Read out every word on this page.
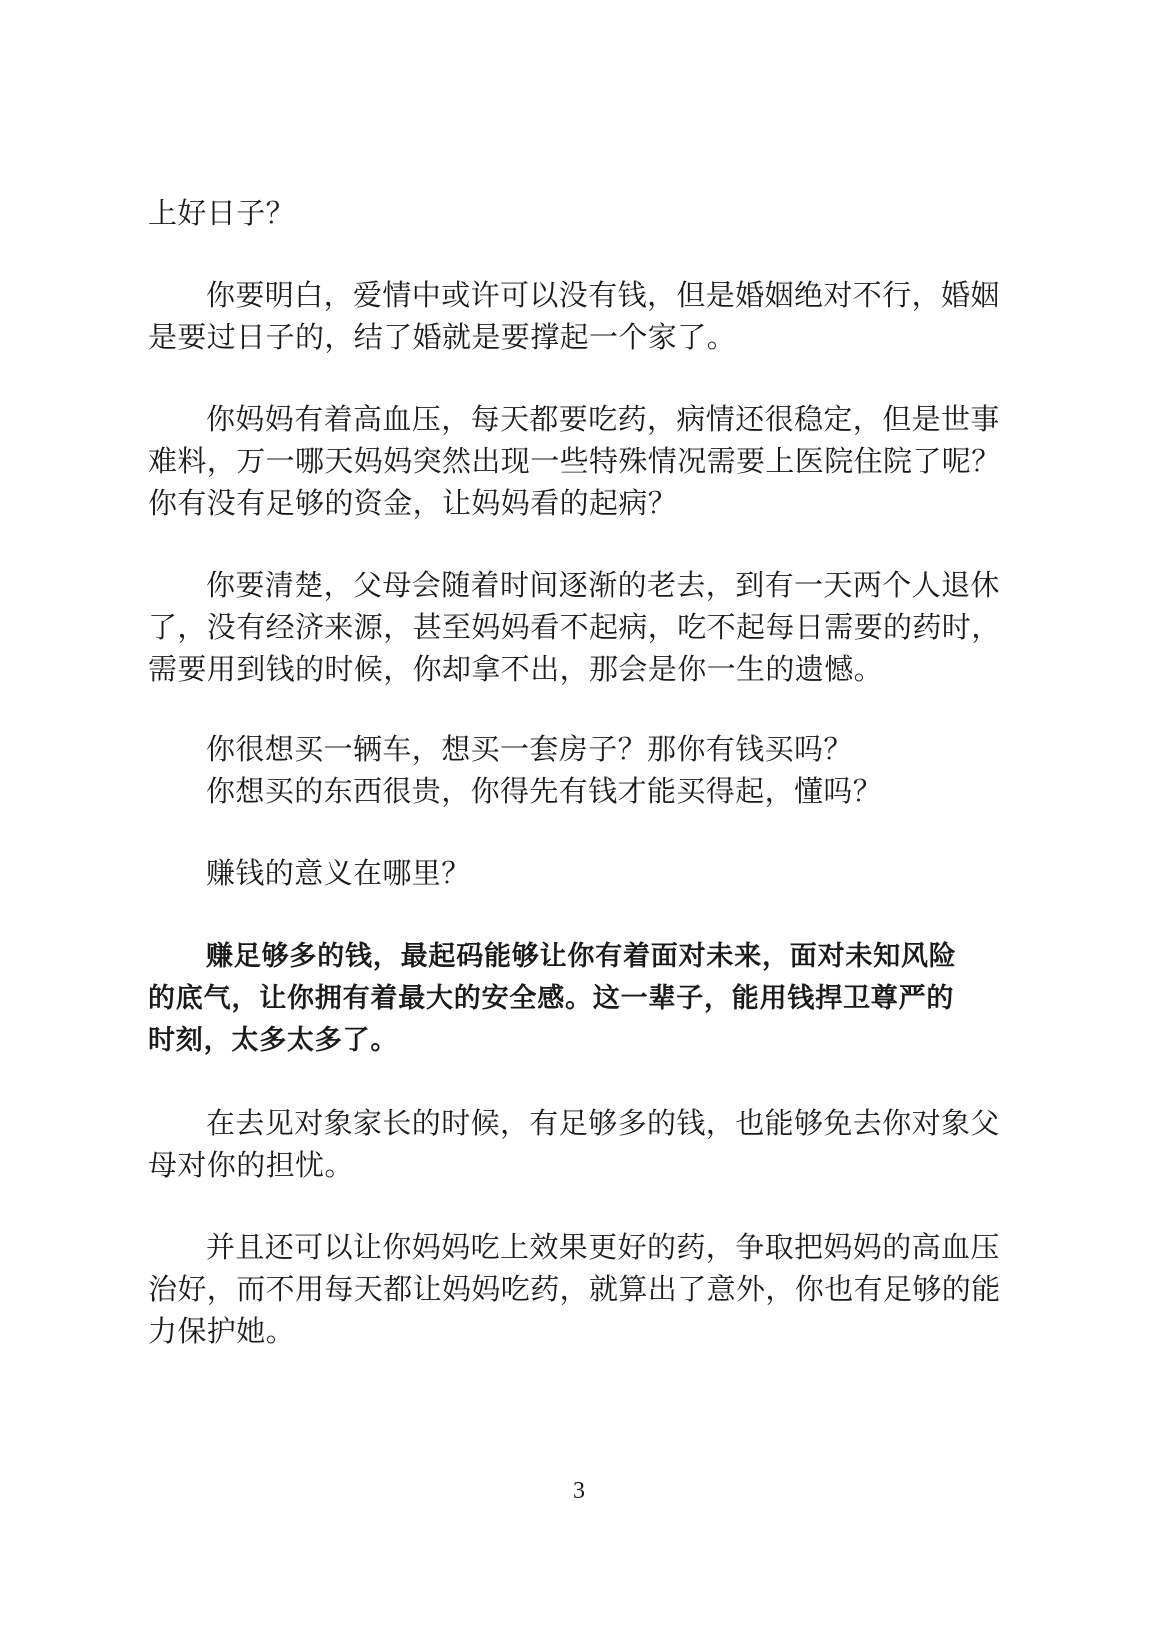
上好日子？
你要明白，爱情中或许可以没有钱，但是婚姻绝对不行，婚姻
是要过日子的，结了婚就是要撑起一个家了。
你妈妈有着高血压，每天都要吃药，病情还很稳定，但是世事
难料，万一哪天妈妈突然出现一些特殊情况需要上医院住院了呢？
你有没有足够的资金，让妈妈看的起病？
你要清楚，父母会随着时间逐渐的老去，到有一天两个人退休
了，没有经济来源，甚至妈妈看不起病，吃不起每日需要的药时，
需要用到钱的时候，你却拿不出，那会是你一生的遗憾。
你很想买一辆车，想买一套房子？那你有钱买吗？
你想买的东西很贵，你得先有钱才能买得起，懂吗？
赚钱的意义在哪里？
赚足够多的钱，最起码能够让你有着面对未来，面对未知风险
的底气，让你拥有着最大的安全感。这一辈子，能用钱捍卫尊严的
时刻，太多太多了。
在去见对象家长的时候，有足够多的钱，也能够免去你对象父
母对你的担忧。
并且还可以让你妈妈吃上效果更好的药，争取把妈妈的高血压
治好，而不用每天都让妈妈吃药，就算出了意外，你也有足够的能
力保护她。
3
